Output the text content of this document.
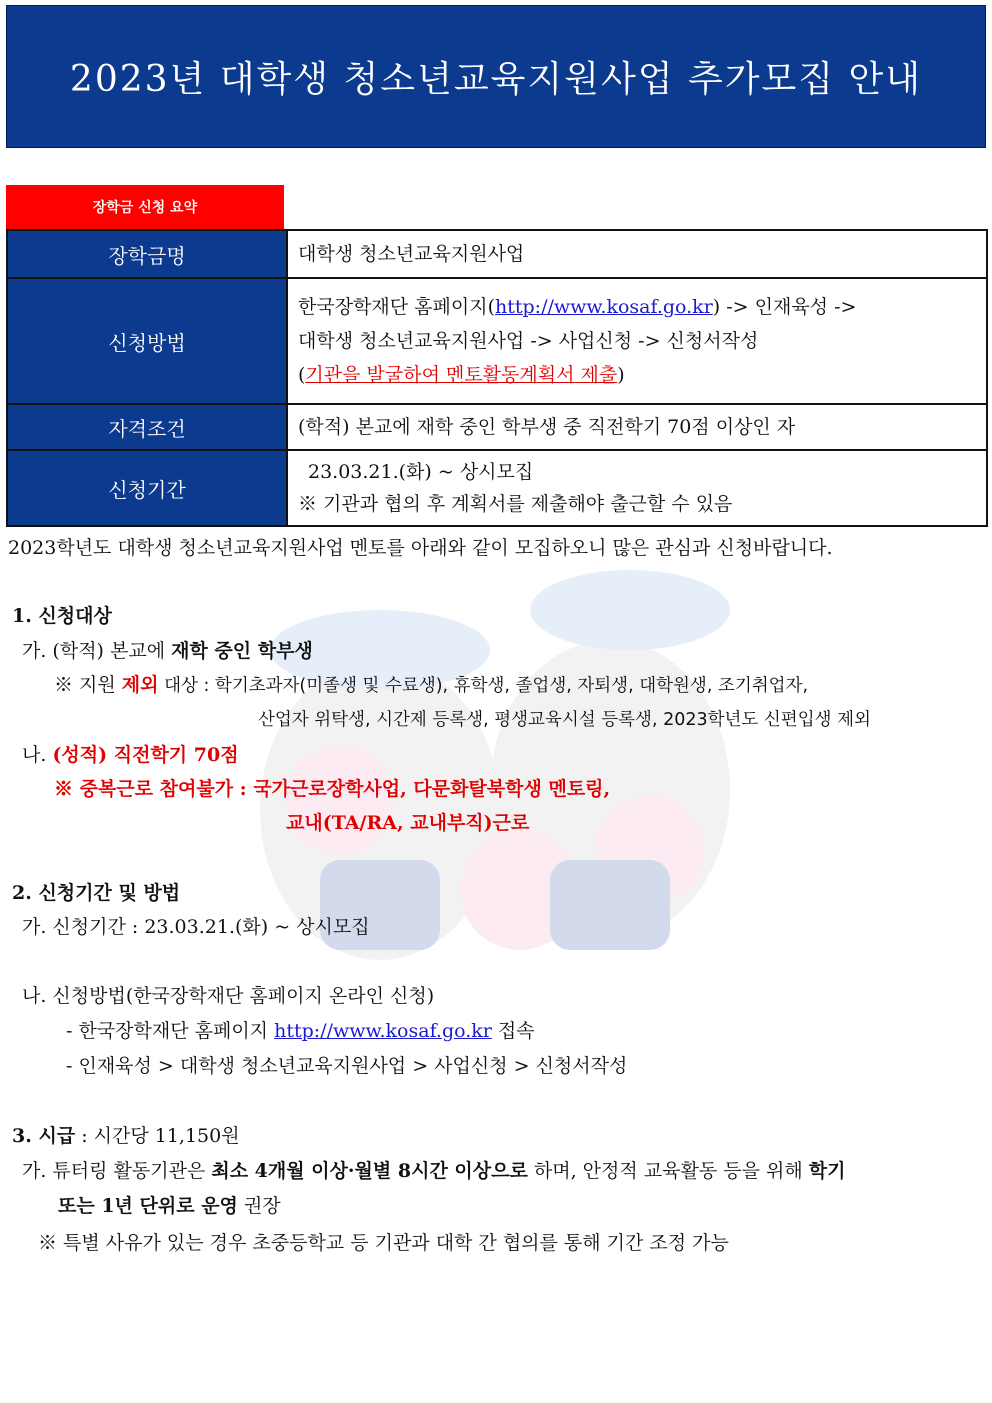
2023년 대학생 청소년교육지원사업 추가모집 안내
장학금 신청 요약
장학금명	대학생 청소년교육지원사업
신청방법	한국장학재단 홈페이지(http://www.kosaf.go.kr) -> 인재육성 ->
대학생 청소년교육지원사업 -> 사업신청 -> 신청서작성
(기관을 발굴하여 멘토활동계획서 제출)

자격조건	(학적) 본교에 재학 중인 학부생 중 직전학기 70점 이상인 자
신청기간	23.03.21.(화) ~ 상시모집
※ 기관과 협의 후 계획서를 제출해야 출근할 수 있음
2023학년도 대학생 청소년교육지원사업 멘토를 아래와 같이 모집하오니 많은 관심과 신청바랍니다.
1. 신청대상
가. (학적) 본교에 재학 중인 학부생
※ 지원 제외 대상 : 학기초과자(미졸생 및 수료생), 휴학생, 졸업생, 자퇴생, 대학원생, 조기취업자,
산업자 위탁생, 시간제 등록생, 평생교육시설 등록생, 2023학년도 신편입생 제외
나. (성적) 직전학기 70점
※ 중복근로 참여불가 : 국가근로장학사업, 다문화탈북학생 멘토링,
교내(TA/RA, 교내부직)근로
2. 신청기간 및 방법
가. 신청기간 : 23.03.21.(화) ~ 상시모집
나. 신청방법(한국장학재단 홈페이지 온라인 신청)
- 한국장학재단 홈페이지 http://www.kosaf.go.kr 접속
- 인재육성 > 대학생 청소년교육지원사업 > 사업신청 > 신청서작성
3. 시급 : 시간당 11,150원
가. 튜터링 활동기관은 최소 4개월 이상·월별 8시간 이상으로 하며, 안정적 교육활동 등을 위해 학기
또는 1년 단위로 운영 권장
※ 특별 사유가 있는 경우 초중등학교 등 기관과 대학 간 협의를 통해 기간 조정 가능
